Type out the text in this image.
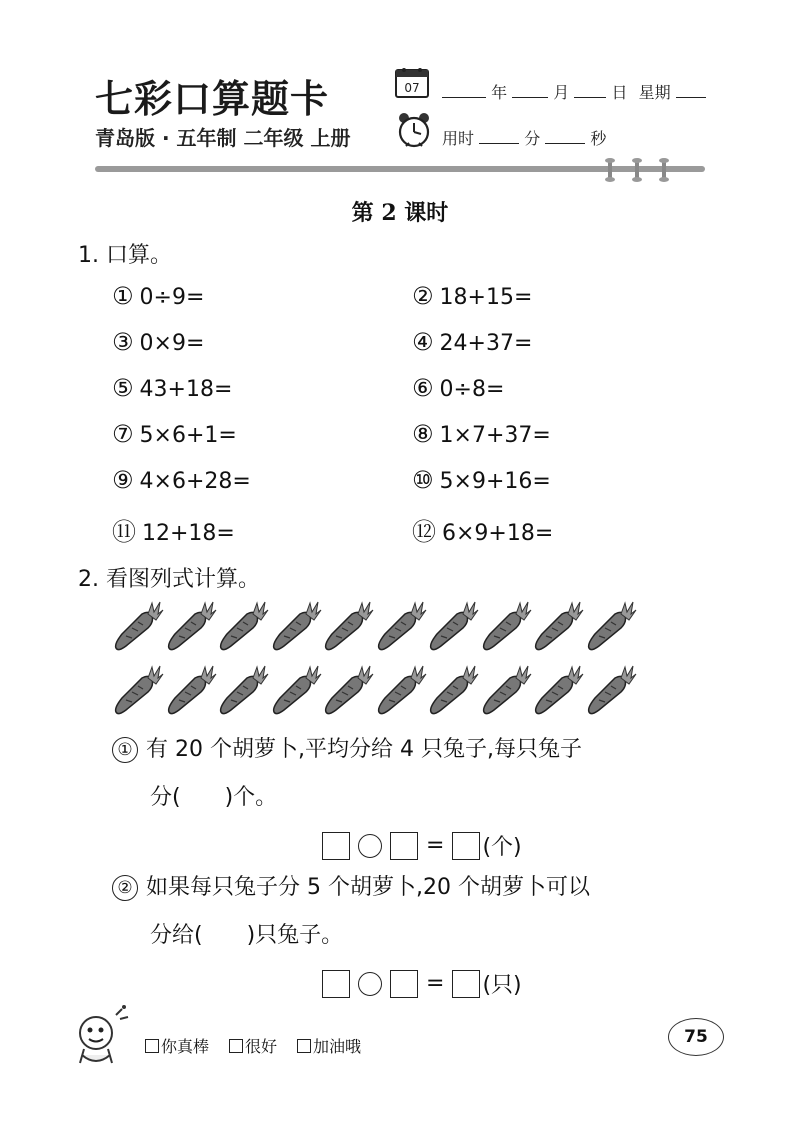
七彩口算题卡
青岛版 · 五年制 二年级 上册
07	年	月	日 星期
用时	分	秒
第 2 课时
1. 口算。
① 0÷9=	② 18+15=
③ 0×9=	④ 24+37=
⑤ 43+18=	⑥ 0÷8=
⑦ 5×6+1=	⑧ 1×7+37=
⑨ 4×6+28=	⑩ 5×9+16=
⑪ 12+18=	⑫ 6×9+18=
2. 看图列式计算。
① 有 20 个胡萝卜,平均分给 4 只兔子,每只兔子
分(　　)个。
= (个)
② 如果每只兔子分 5 个胡萝卜,20 个胡萝卜可以
分给(　　)只兔子。
= (只)
你真棒	很好	加油哦	75
